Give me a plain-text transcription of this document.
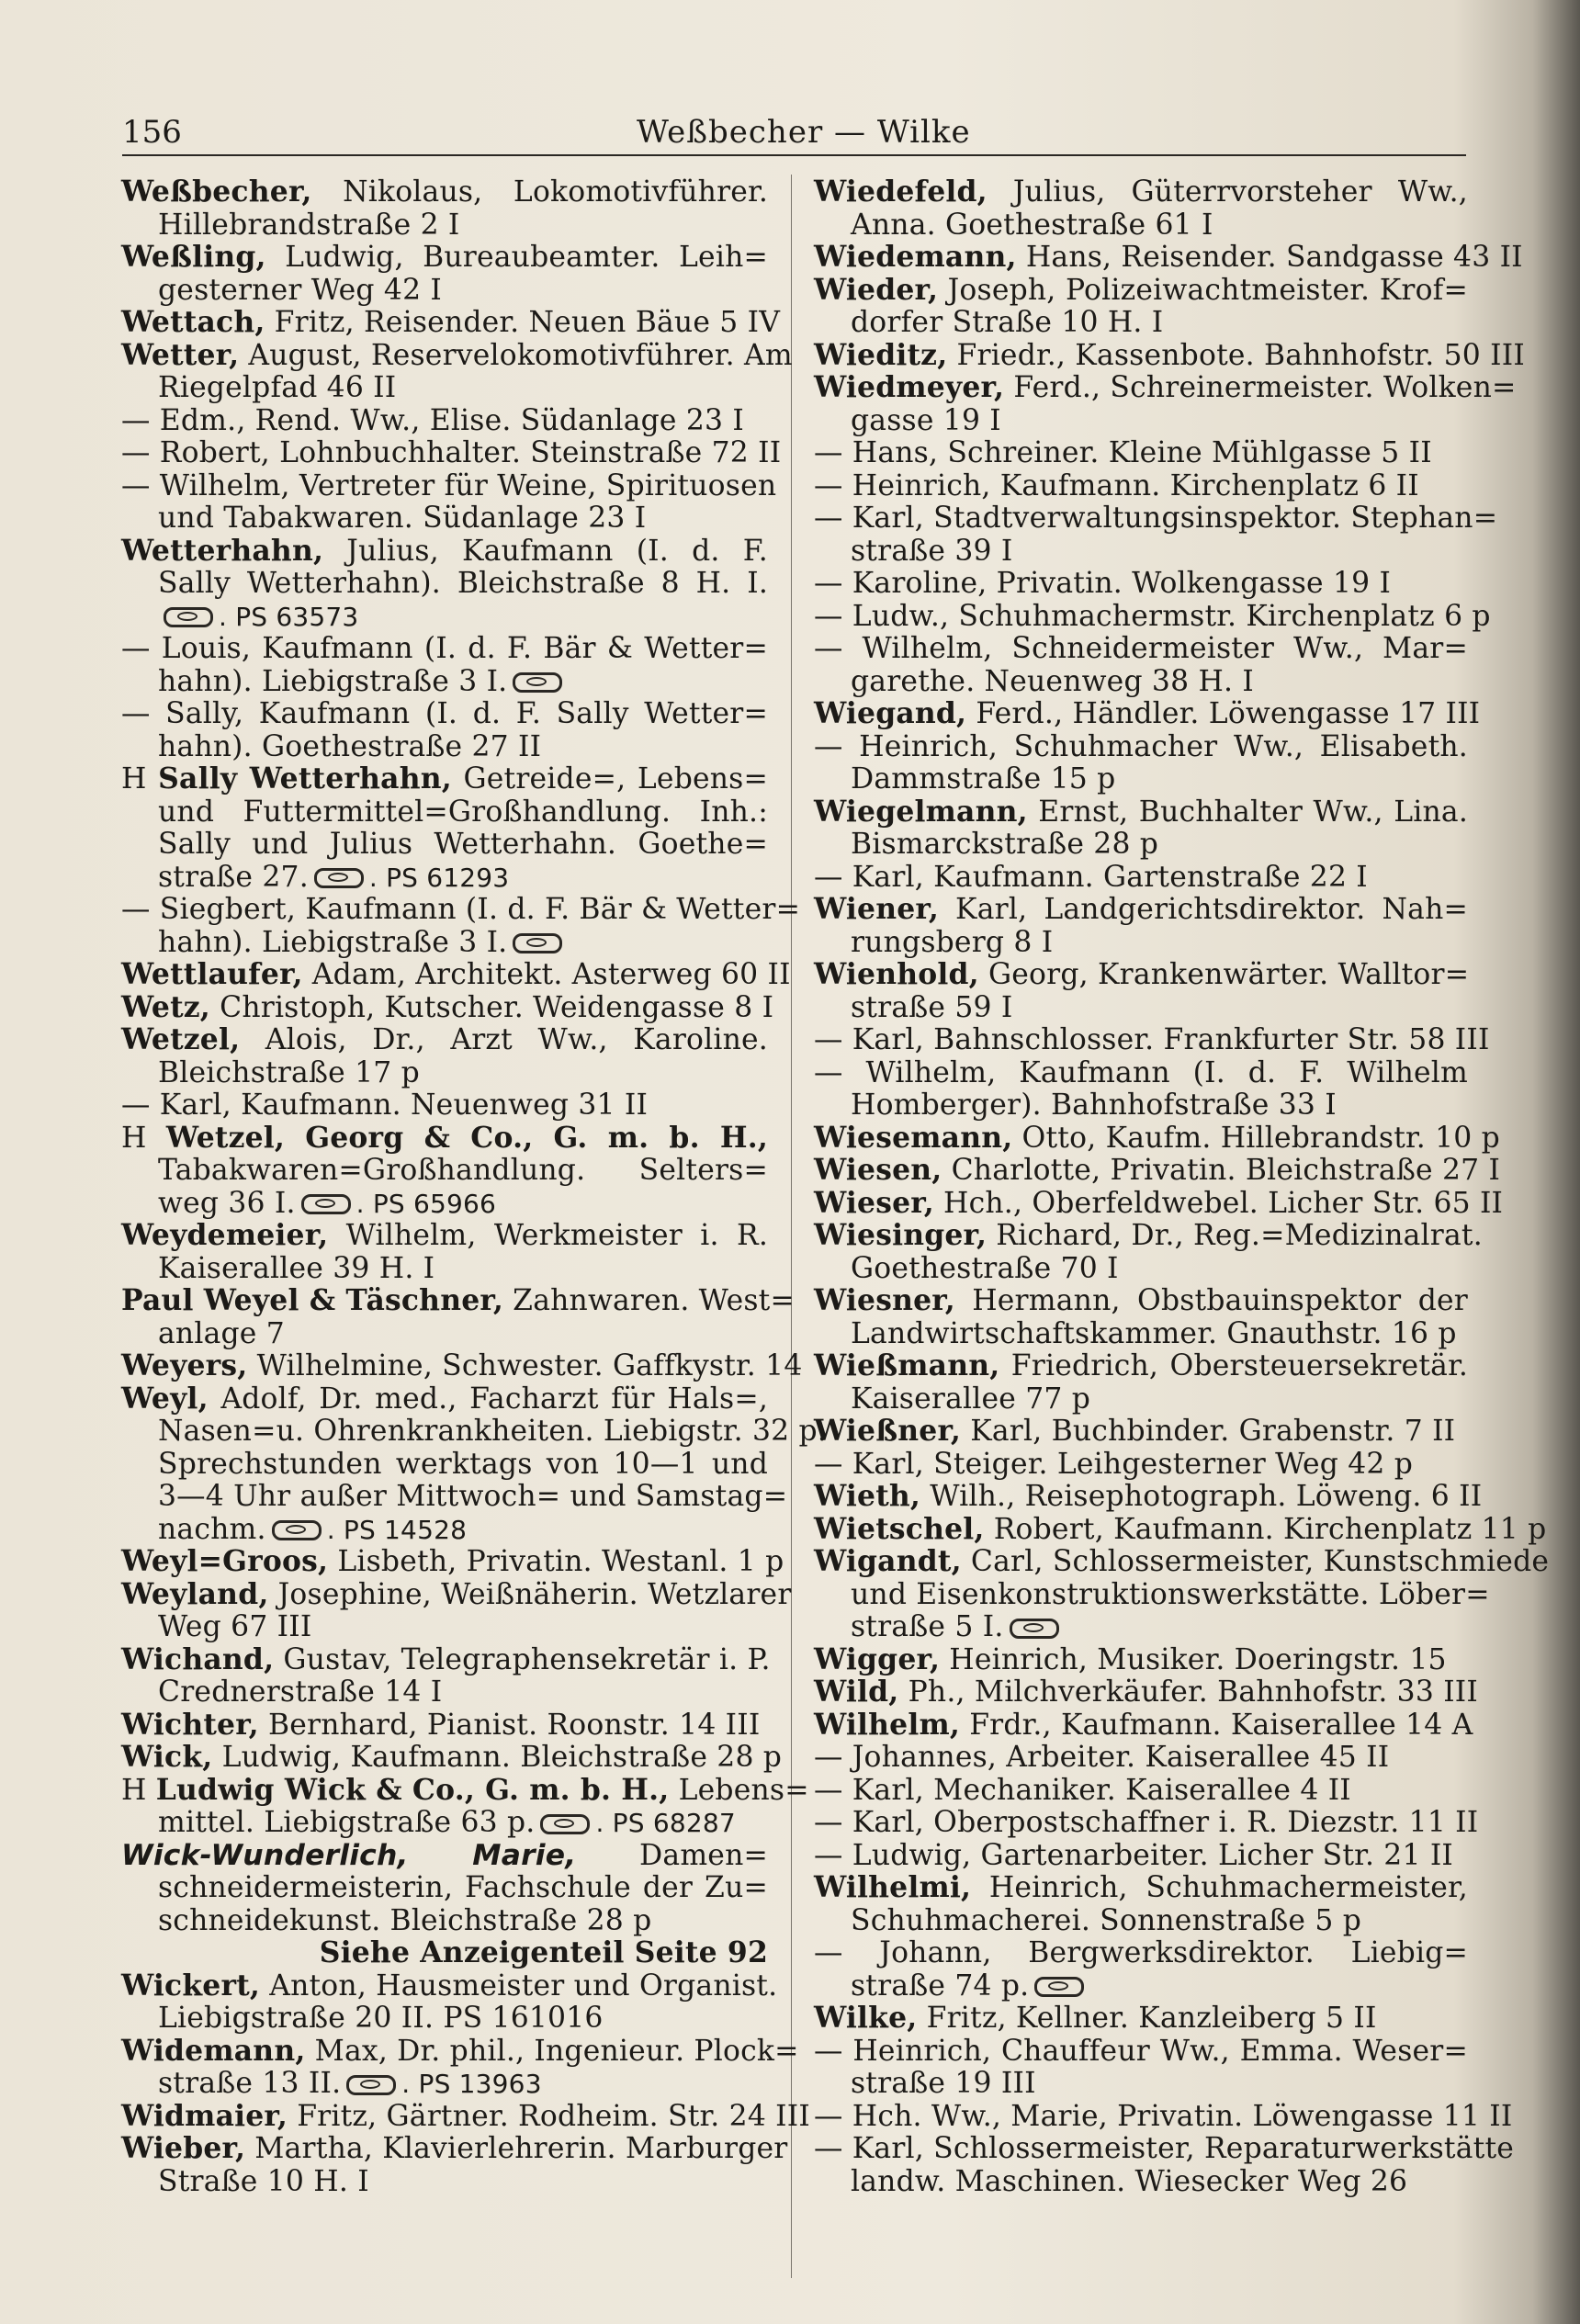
156	Weßbecher — Wilke
Weßbecher, Nikolaus, Lokomotivführer.
Hillebrandstraße 2 I
Weßling, Ludwig, Bureaubeamter. Leih=
gesterner Weg 42 I
Wettach, Fritz, Reisender. Neuen Bäue 5 IV
Wetter, August, Reservelokomotivführer. Am
Riegelpfad 46 II
— Edm., Rend. Ww., Elise. Südanlage 23 I
— Robert, Lohnbuchhalter. Steinstraße 72 II
— Wilhelm, Vertreter für Weine, Spirituosen
und Tabakwaren. Südanlage 23 I
Wetterhahn, Julius, Kaufmann (I. d. F.
Sally Wetterhahn). Bleichstraße 8 H. I.
. PS 63573
— Louis, Kaufmann (I. d. F. Bär & Wetter=
hahn). Liebigstraße 3 I.
— Sally, Kaufmann (I. d. F. Sally Wetter=
hahn). Goethestraße 27 II
H Sally Wetterhahn, Getreide=, Lebens=
und Futtermittel=Großhandlung. Inh.:
Sally und Julius Wetterhahn. Goethe=
straße 27. . PS 61293
— Siegbert, Kaufmann (I. d. F. Bär & Wetter=
hahn). Liebigstraße 3 I.
Wettlaufer, Adam, Architekt. Asterweg 60 II
Wetz, Christoph, Kutscher. Weidengasse 8 I
Wetzel, Alois, Dr., Arzt Ww., Karoline.
Bleichstraße 17 p
— Karl, Kaufmann. Neuenweg 31 II
H Wetzel, Georg & Co., G. m. b. H.,
Tabakwaren=Großhandlung. Selters=
weg 36 I. . PS 65966
Weydemeier, Wilhelm, Werkmeister i. R.
Kaiserallee 39 H. I
Paul Weyel & Täschner, Zahnwaren. West=
anlage 7
Weyers, Wilhelmine, Schwester. Gaffkystr. 14
Weyl, Adolf, Dr. med., Facharzt für Hals=,
Nasen=u. Ohrenkrankheiten. Liebigstr. 32 p.
Sprechstunden werktags von 10—1 und
3—4 Uhr außer Mittwoch= und Samstag=
nachm. . PS 14528
Weyl=Groos, Lisbeth, Privatin. Westanl. 1 p
Weyland, Josephine, Weißnäherin. Wetzlarer
Weg 67 III
Wichand, Gustav, Telegraphensekretär i. P.
Crednerstraße 14 I
Wichter, Bernhard, Pianist. Roonstr. 14 III
Wick, Ludwig, Kaufmann. Bleichstraße 28 p
H Ludwig Wick & Co., G. m. b. H., Lebens=
mittel. Liebigstraße 63 p. . PS 68287
Wick-Wunderlich, Marie, Damen=
schneidermeisterin, Fachschule der Zu=
schneidekunst. Bleichstraße 28 p
Siehe Anzeigenteil Seite 92
Wickert, Anton, Hausmeister und Organist.
Liebigstraße 20 II. PS 161016
Widemann, Max, Dr. phil., Ingenieur. Plock=
straße 13 II. . PS 13963
Widmaier, Fritz, Gärtner. Rodheim. Str. 24 III
Wieber, Martha, Klavierlehrerin. Marburger
Straße 10 H. I
Wiedefeld, Julius, Güterrvorsteher Ww.,
Anna. Goethestraße 61 I
Wiedemann, Hans, Reisender. Sandgasse 43 II
Wieder, Joseph, Polizeiwachtmeister. Krof=
dorfer Straße 10 H. I
Wieditz, Friedr., Kassenbote. Bahnhofstr. 50 III
Wiedmeyer, Ferd., Schreinermeister. Wolken=
gasse 19 I
— Hans, Schreiner. Kleine Mühlgasse 5 II
— Heinrich, Kaufmann. Kirchenplatz 6 II
— Karl, Stadtverwaltungsinspektor. Stephan=
straße 39 I
— Karoline, Privatin. Wolkengasse 19 I
— Ludw., Schuhmachermstr. Kirchenplatz 6 p
— Wilhelm, Schneidermeister Ww., Mar=
garethe. Neuenweg 38 H. I
Wiegand, Ferd., Händler. Löwengasse 17 III
— Heinrich, Schuhmacher Ww., Elisabeth.
Dammstraße 15 p
Wiegelmann, Ernst, Buchhalter Ww., Lina.
Bismarckstraße 28 p
— Karl, Kaufmann. Gartenstraße 22 I
Wiener, Karl, Landgerichtsdirektor. Nah=
rungsberg 8 I
Wienhold, Georg, Krankenwärter. Walltor=
straße 59 I
— Karl, Bahnschlosser. Frankfurter Str. 58 III
— Wilhelm, Kaufmann (I. d. F. Wilhelm
Homberger). Bahnhofstraße 33 I
Wiesemann, Otto, Kaufm. Hillebrandstr. 10 p
Wiesen, Charlotte, Privatin. Bleichstraße 27 I
Wieser, Hch., Oberfeldwebel. Licher Str. 65 II
Wiesinger, Richard, Dr., Reg.=Medizinalrat.
Goethestraße 70 I
Wiesner, Hermann, Obstbauinspektor der
Landwirtschaftskammer. Gnauthstr. 16 p
Wießmann, Friedrich, Obersteuersekretär.
Kaiserallee 77 p
Wießner, Karl, Buchbinder. Grabenstr. 7 II
— Karl, Steiger. Leihgesterner Weg 42 p
Wieth, Wilh., Reisephotograph. Löweng. 6 II
Wietschel, Robert, Kaufmann. Kirchenplatz 11 p
Wigandt, Carl, Schlossermeister, Kunstschmiede
und Eisenkonstruktionswerkstätte. Löber=
straße 5 I.
Wigger, Heinrich, Musiker. Doeringstr. 15
Wild, Ph., Milchverkäufer. Bahnhofstr. 33 III
Wilhelm, Frdr., Kaufmann. Kaiserallee 14 A
— Johannes, Arbeiter. Kaiserallee 45 II
— Karl, Mechaniker. Kaiserallee 4 II
— Karl, Oberpostschaffner i. R. Diezstr. 11 II
— Ludwig, Gartenarbeiter. Licher Str. 21 II
Wilhelmi, Heinrich, Schuhmachermeister,
Schuhmacherei. Sonnenstraße 5 p
— Johann, Bergwerksdirektor. Liebig=
straße 74 p.
Wilke, Fritz, Kellner. Kanzleiberg 5 II
— Heinrich, Chauffeur Ww., Emma. Weser=
straße 19 III
— Hch. Ww., Marie, Privatin. Löwengasse 11 II
— Karl, Schlossermeister, Reparaturwerkstätte
landw. Maschinen. Wiesecker Weg 26
